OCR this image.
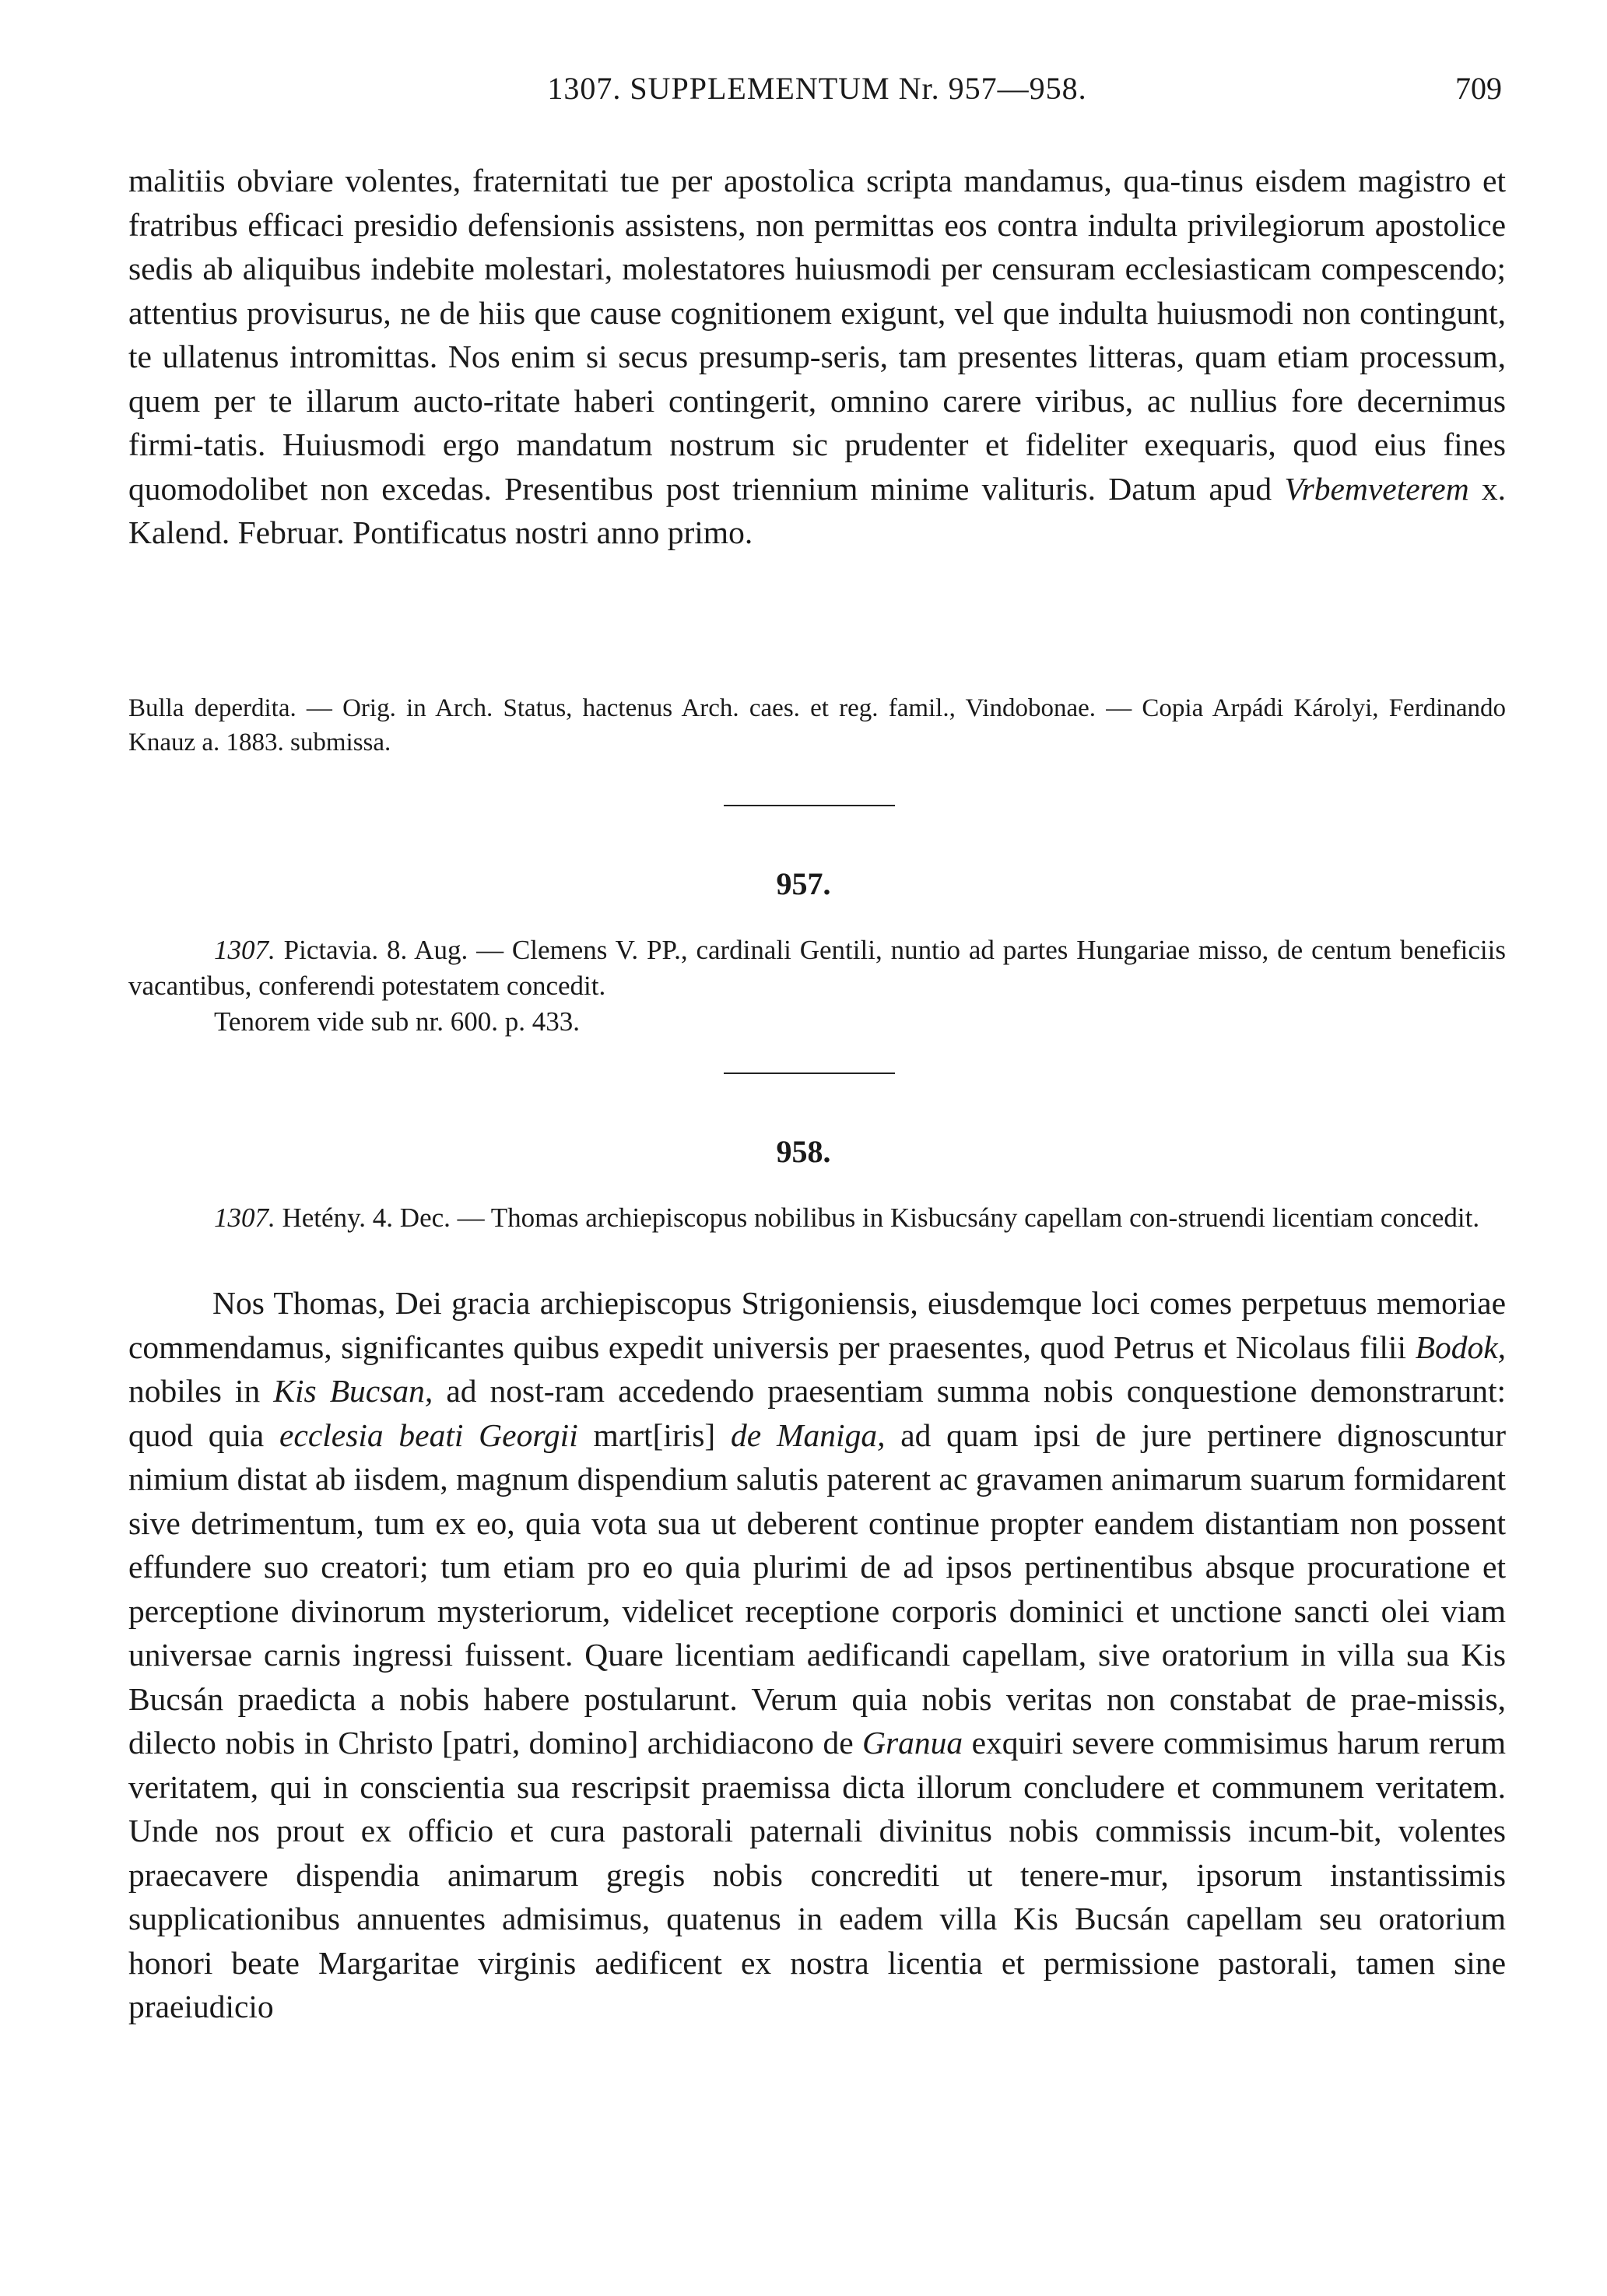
1307. SUPPLEMENTUM Nr. 957—958.	709

malitiis obviare volentes, fraternitati tue per apostolica scripta mandamus, qua-tinus eisdem magistro et fratribus efficaci presidio defensionis assistens, non permittas eos contra indulta privilegiorum apostolice sedis ab aliquibus indebite molestari, molestatores huiusmodi per censuram ecclesiasticam compescendo; attentius provisurus, ne de hiis que cause cognitionem exigunt, vel que indulta huiusmodi non contingunt, te ullatenus intromittas. Nos enim si secus presump-seris, tam presentes litteras, quam etiam processum, quem per te illarum aucto-ritate haberi contingerit, omnino carere viribus, ac nullius fore decernimus firmi-tatis. Huiusmodi ergo mandatum nostrum sic prudenter et fideliter exequaris, quod eius fines quomodolibet non excedas. Presentibus post triennium minime valituris. Datum apud Vrbemveterem x. Kalend. Februar. Pontificatus nostri anno primo.

Bulla deperdita. — Orig. in Arch. Status, hactenus Arch. caes. et reg. famil., Vindobonae. — Copia Arpádi Károlyi, Ferdinando Knauz a. 1883. submissa.

957.

1307. Pictavia. 8. Aug. — Clemens V. PP., cardinali Gentili, nuntio ad partes Hungariae misso, de centum beneficiis vacantibus, conferendi potestatem concedit.

Tenorem vide sub nr. 600. p. 433.

958.

1307. Hetény. 4. Dec. — Thomas archiepiscopus nobilibus in Kisbucsány capellam con-struendi licentiam concedit.

Nos Thomas, Dei gracia archiepiscopus Strigoniensis, eiusdemque loci comes perpetuus memoriae commendamus, significantes quibus expedit universis per praesentes, quod Petrus et Nicolaus filii Bodok, nobiles in Kis Bucsan, ad nost-ram accedendo praesentiam summa nobis conquestione demonstrarunt: quod quia ecclesia beati Georgii mart[iris] de Maniga, ad quam ipsi de jure pertinere dignoscuntur nimium distat ab iisdem, magnum dispendium salutis paterent ac gravamen animarum suarum formidarent sive detrimentum, tum ex eo, quia vota sua ut deberent continue propter eandem distantiam non possent effundere suo creatori; tum etiam pro eo quia plurimi de ad ipsos pertinentibus absque procuratione et perceptione divinorum mysteriorum, videlicet receptione corporis dominici et unctione sancti olei viam universae carnis ingressi fuissent. Quare licentiam aedificandi capellam, sive oratorium in villa sua Kis Bucsán praedicta a nobis habere postularunt. Verum quia nobis veritas non constabat de prae-missis, dilecto nobis in Christo [patri, domino] archidiacono de Granua exquiri severe commisimus harum rerum veritatem, qui in conscientia sua rescripsit praemissa dicta illorum concludere et communem veritatem. Unde nos prout ex officio et cura pastorali paternali divinitus nobis commissis incum-bit, volentes praecavere dispendia animarum gregis nobis concrediti ut tenere-mur, ipsorum instantissimis supplicationibus annuentes admisimus, quatenus in eadem villa Kis Bucsán capellam seu oratorium honori beate Margaritae virginis aedificent ex nostra licentia et permissione pastorali, tamen sine praeiudicio
